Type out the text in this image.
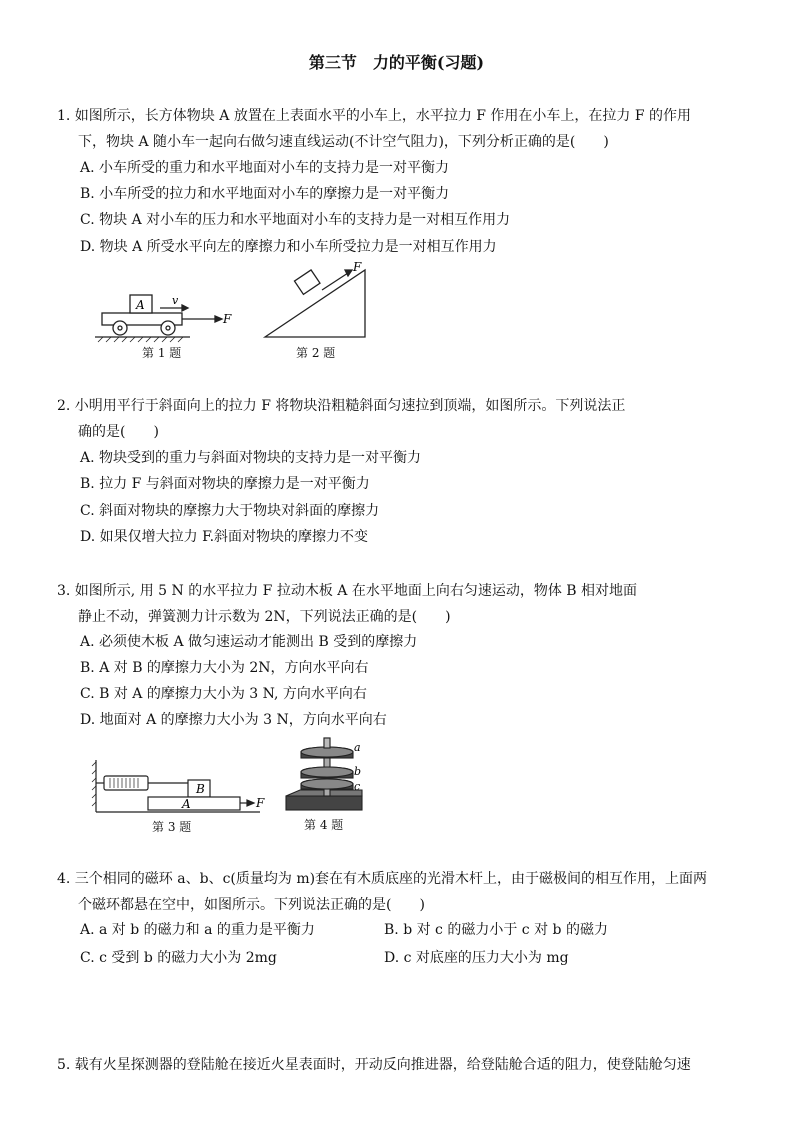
第三节　力的平衡(习题)
1. 如图所示，长方体物块 A 放置在上表面水平的小车上，水平拉力 F 作用在小车上，在拉力 F 的作用
下，物块 A 随小车一起向右做匀速直线运动(不计空气阻力)，下列分析正确的是(　　)
A. 小车所受的重力和水平地面对小车的支持力是一对平衡力
B. 小车所受的拉力和水平地面对小车的摩擦力是一对平衡力
C. 物块 A 对小车的压力和水平地面对小车的支持力是一对相互作用力
D. 物块 A 所受水平向左的摩擦力和小车所受拉力是一对相互作用力
A v
F
F
第 1 题	第 2 题
2. 小明用平行于斜面向上的拉力 F 将物块沿粗糙斜面匀速拉到顶端，如图所示。下列说法正
确的是(　　)
A. 物块受到的重力与斜面对物块的支持力是一对平衡力
B. 拉力 F 与斜面对物块的摩擦力是一对平衡力
C. 斜面对物块的摩擦力大于物块对斜面的摩擦力
D. 如果仅增大拉力 F.斜面对物块的摩擦力不变
3. 如图所示, 用 5 N 的水平拉力 F 拉动木板 A 在水平地面上向右匀速运动，物体 B 相对地面
静止不动，弹簧测力计示数为 2N，下列说法正确的是(　　)
A. 必须使木板 A 做匀速运动才能测出 B 受到的摩擦力
B. A 对 B 的摩擦力大小为 2N，方向水平向右
C. B 对 A 的摩擦力大小为 3 N, 方向水平向右
D. 地面对 A 的摩擦力大小为 3 N，方向水平向右
B
A	F
a
b
c
第 3 题	第 4 题
4. 三个相同的磁环 a、b、c(质量均为 m)套在有木质底座的光滑木杆上，由于磁极间的相互作用，上面两
个磁环都悬在空中，如图所示。下列说法正确的是(　　)
A. a 对 b 的磁力和 a 的重力是平衡力	B. b 对 c 的磁力小于 c 对 b 的磁力
C. c 受到 b 的磁力大小为 2mg	D. c 对底座的压力大小为 mg
5. 载有火星探测器的登陆舱在接近火星表面时，开动反向推进器，给登陆舱合适的阻力，使登陆舱匀速
